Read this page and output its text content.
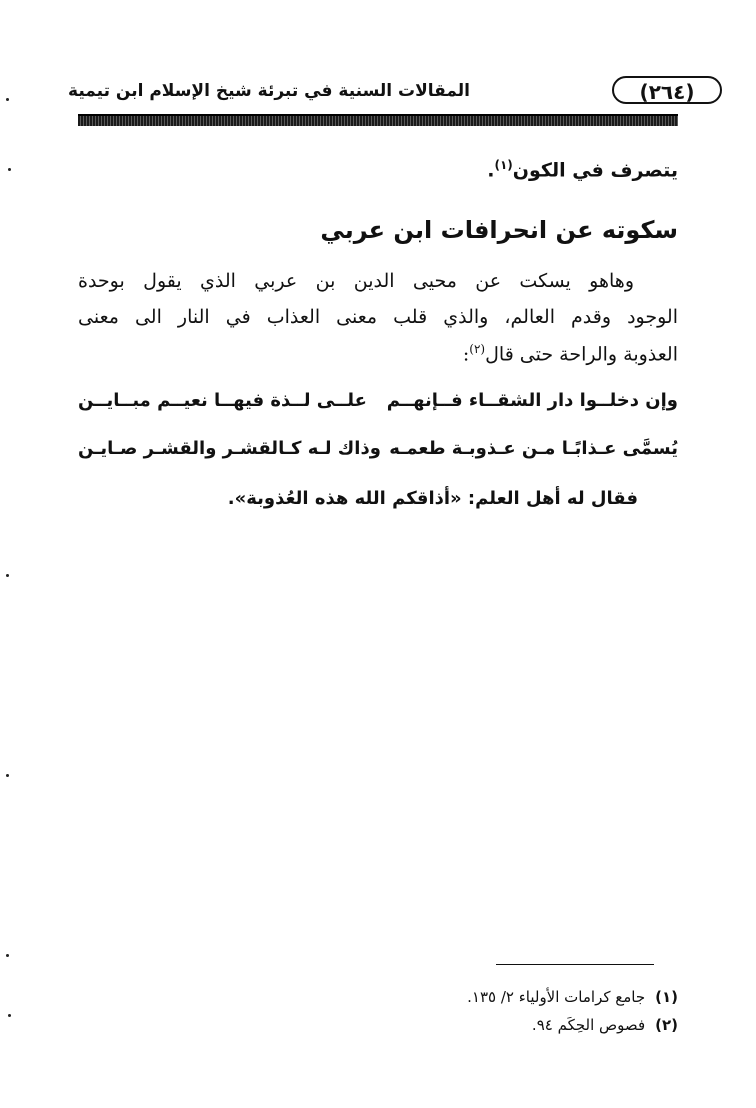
(٢٦٤)
المقالات السنية في تبرئة شيخ الإسلام ابن تيمية
يتصرف في الكون$^{(١)}$.
سكوته عن انحرافات ابن عربي
وهاهو يسكت عن محيى الدين بن عربي الذي يقول بوحدة
الوجود وقدم العالم، والذي قلب معنى العذاب في النار الى معنى
العذوبة والراحة حتى قال$^{(٢)}$:
وإن دخلــوا دار الشقــاء فــإنهــم
علــى لــذة فيهــا نعيــم مبــايــن
يُسمَّى عـذابًـا مـن عـذوبـة طعمـه
وذاك لـه كـالقشـر والقشـر صـايـن
فقال له أهل العلم: «أذاقكم الله هذه العُذوبة».
(١)جامع كرامات الأولياء ٢/ ١٣٥.
(٢)فصوص الحِكَم ٩٤.
